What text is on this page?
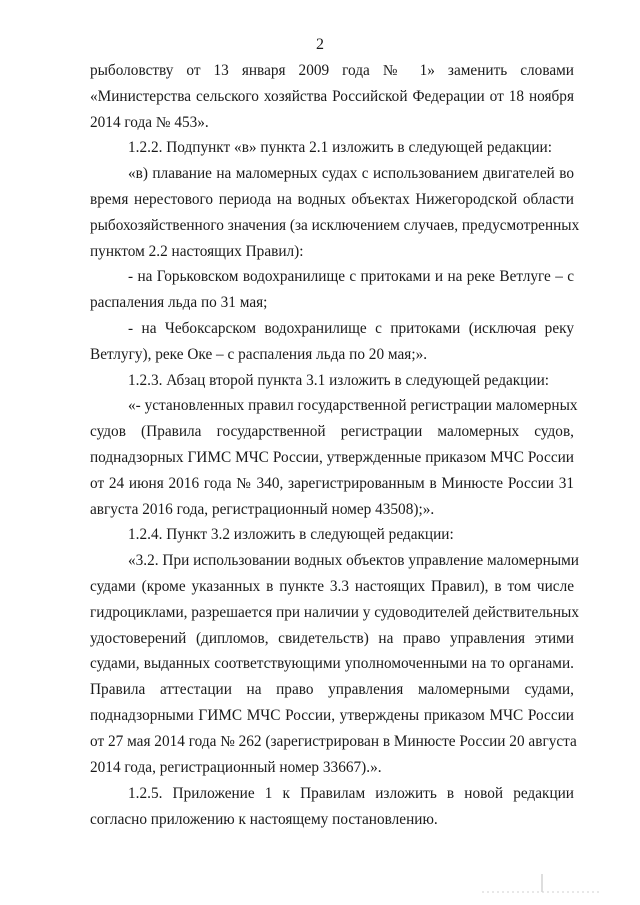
2
рыболовству от 13 января 2009 года № 1» заменить словами
«Министерства сельского хозяйства Российской Федерации от 18 ноября
2014 года № 453».
1.2.2. Подпункт «в» пункта 2.1 изложить в следующей редакции:
«в) плавание на маломерных судах с использованием двигателей во
время нерестового периода на водных объектах Нижегородской области
рыбохозяйственного значения (за исключением случаев, предусмотренных
пунктом 2.2 настоящих Правил):
- на Горьковском водохранилище с притоками и на реке Ветлуге – с
распаления льда по 31 мая;
- на Чебоксарском водохранилище с притоками (исключая реку
Ветлугу), реке Оке – с распаления льда по 20 мая;».
1.2.3. Абзац второй пункта 3.1 изложить в следующей редакции:
«- установленных правил государственной регистрации маломерных
судов (Правила государственной регистрации маломерных судов,
поднадзорных ГИМС МЧС России, утвержденные приказом МЧС России
от 24 июня 2016 года № 340, зарегистрированным в Минюсте России 31
августа 2016 года, регистрационный номер 43508);».
1.2.4. Пункт 3.2 изложить в следующей редакции:
«3.2. При использовании водных объектов управление маломерными
судами (кроме указанных в пункте 3.3 настоящих Правил), в том числе
гидроциклами, разрешается при наличии у судоводителей действительных
удостоверений (дипломов, свидетельств) на право управления этими
судами, выданных соответствующими уполномоченными на то органами.
Правила аттестации на право управления маломерными судами,
поднадзорными ГИМС МЧС России, утверждены приказом МЧС России
от 27 мая 2014 года № 262 (зарегистрирован в Минюсте России 20 августа
2014 года, регистрационный номер 33667).».
1.2.5. Приложение 1 к Правилам изложить в новой редакции
согласно приложению к настоящему постановлению.
